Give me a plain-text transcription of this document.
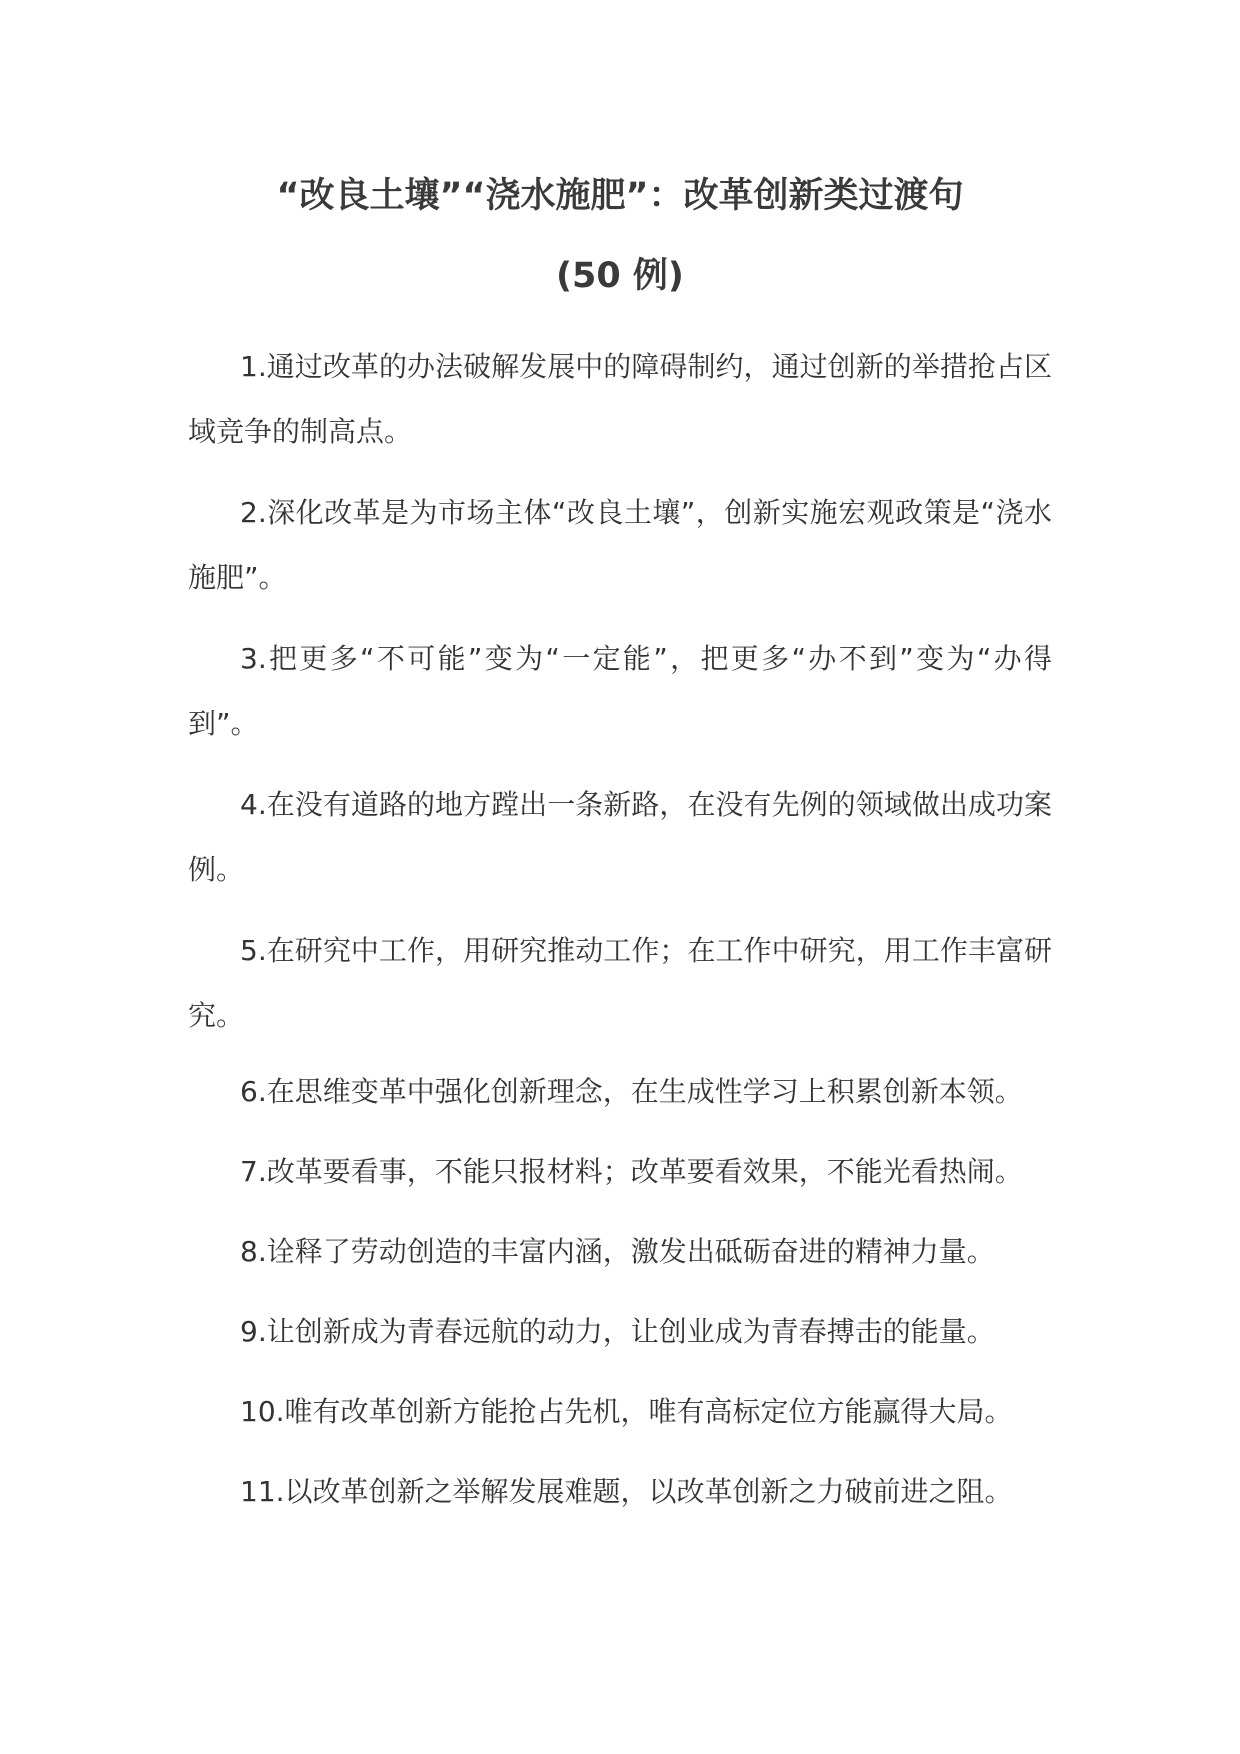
“改良土壤”“浇水施肥”：改革创新类过渡句
(50 例)

1.通过改革的办法破解发展中的障碍制约，通过创新的举措抢占区域竞争的制高点。

2.深化改革是为市场主体“改良土壤”，创新实施宏观政策是“浇水施肥”。

3.把更多“不可能”变为“一定能”，把更多“办不到”变为“办得到”。

4.在没有道路的地方蹚出一条新路，在没有先例的领域做出成功案例。

5.在研究中工作，用研究推动工作；在工作中研究，用工作丰富研究。

6.在思维变革中强化创新理念，在生成性学习上积累创新本领。

7.改革要看事，不能只报材料；改革要看效果，不能光看热闹。

8.诠释了劳动创造的丰富内涵，激发出砥砺奋进的精神力量。

9.让创新成为青春远航的动力，让创业成为青春搏击的能量。

10.唯有改革创新方能抢占先机，唯有高标定位方能赢得大局。

11.以改革创新之举解发展难题，以改革创新之力破前进之阻。
